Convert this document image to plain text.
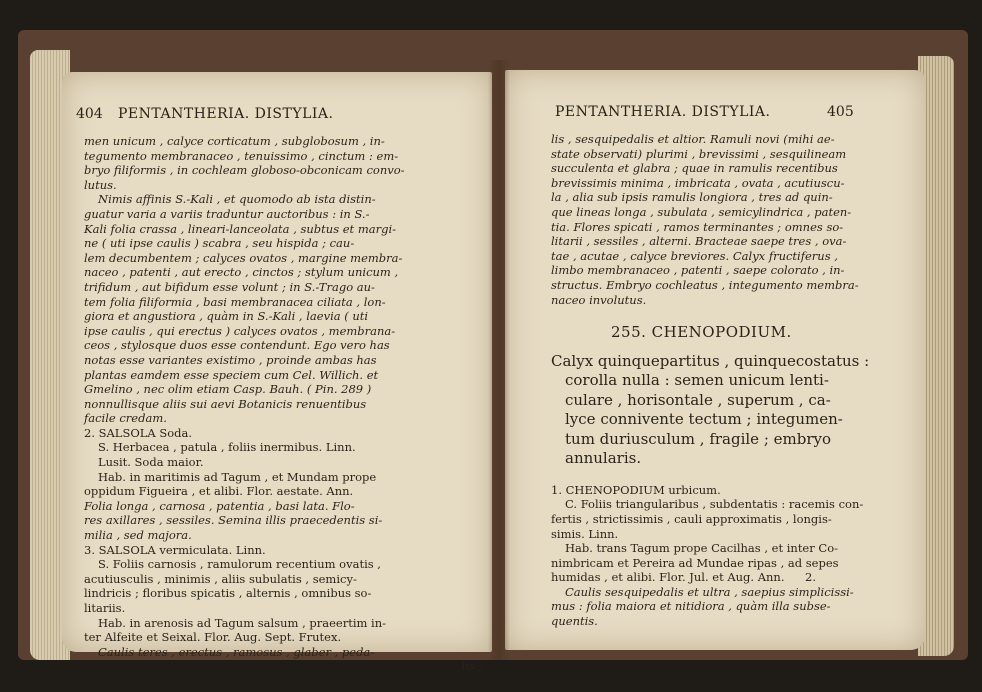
404 PENTANTHERIA. DISTYLIA.

men unicum , calyce corticatum , subglobosum , in-

tegumento membranaceo , tenuissimo , cinctum : em-

bryo filiformis , in cochleam globoso-obconicam convo-

lutus.

Nimis affinis S.-Kali , et quomodo ab ista distin-

guatur varia a variis traduntur auctoribus : in S.-

Kali folia crassa , lineari-lanceolata , subtus et margi-

ne ( uti ipse caulis ) scabra , seu hispida ; cau-

lem decumbentem ; calyces ovatos , margine membra-

naceo , patenti , aut erecto , cinctos ; stylum unicum ,

trifidum , aut bifidum esse volunt ; in S.-Trago au-

tem folia filiformia , basi membranacea ciliata , lon-

giora et angustiora , quàm in S.-Kali , laevia ( uti

ipse caulis , qui erectus ) calyces ovatos , membrana-

ceos , stylosque duos esse contendunt. Ego vero has

notas esse variantes existimo , proinde ambas has

plantas eamdem esse speciem cum Cel. Willich. et

Gmelino , nec olim etiam Casp. Bauh. ( Pin. 289 )

nonnullisque aliis sui aevi Botanicis renuentibus

facile credam.

2. SALSOLA Soda.

S. Herbacea , patula , foliis inermibus. Linn.

Lusit. Soda maior.

Hab. in maritimis ad Tagum , et Mundam prope

oppidum Figueira , et alibi. Flor. aestate. Ann.

Folia longa , carnosa , patentia , basi lata. Flo-

res axillares , sessiles. Semina illis praecedentis si-

milia , sed majora.

3. SALSOLA vermiculata. Linn.

S. Foliis carnosis , ramulorum recentium ovatis ,

acutiusculis , minimis , aliis subulatis , semicy-

lindricis ; floribus spicatis , alternis , omnibus so-

litariis.

Hab. in arenosis ad Tagum salsum , praeertim in-

ter Alfeite et Seixal. Flor. Aug. Sept. Frutex.

Caulis teres , erectus , ramosus , glaber , peda-

lis ,

PENTANTHERIA. DISTYLIA.	405

lis , sesquipedalis et altior. Ramuli novi (mihi ae-

state observati) plurimi , brevissimi , sesquilineam

succulenta et glabra ; quae in ramulis recentibus

brevissimis minima , imbricata , ovata , acutiuscu-

la , alia sub ipsis ramulis longiora , tres ad quin-

que lineas longa , subulata , semicylindrica , paten-

tia. Flores spicati , ramos terminantes ; omnes so-

litarii , sessiles , alterni. Bracteae saepe tres , ova-

tae , acutae , calyce breviores. Calyx fructiferus ,

limbo membranaceo , patenti , saepe colorato , in-

structus. Embryo cochleatus , integumento membra-

naceo involutus.

255. CHENOPODIUM.

Calyx quinquepartitus , quinquecostatus :

corolla nulla : semen unicum lenti-

culare , horisontale , superum , ca-

lyce connivente tectum ; integumen-

tum duriusculum , fragile ; embryo

annularis.

1. CHENOPODIUM urbicum.

C. Foliis triangularibus , subdentatis : racemis con-

fertis , strictissimis , cauli approximatis , longis-

simis. Linn.

Hab. trans Tagum prope Cacilhas , et inter Co-

nimbricam et Pereira ad Mundae ripas , ad sepes

humidas , et alibi. Flor. Jul. et Aug. Ann.

Caulis sesquipedalis et ultra , saepius simplicissi-

mus : folia maiora et nitidiora , quàm illa subse-

quentis.

2.
